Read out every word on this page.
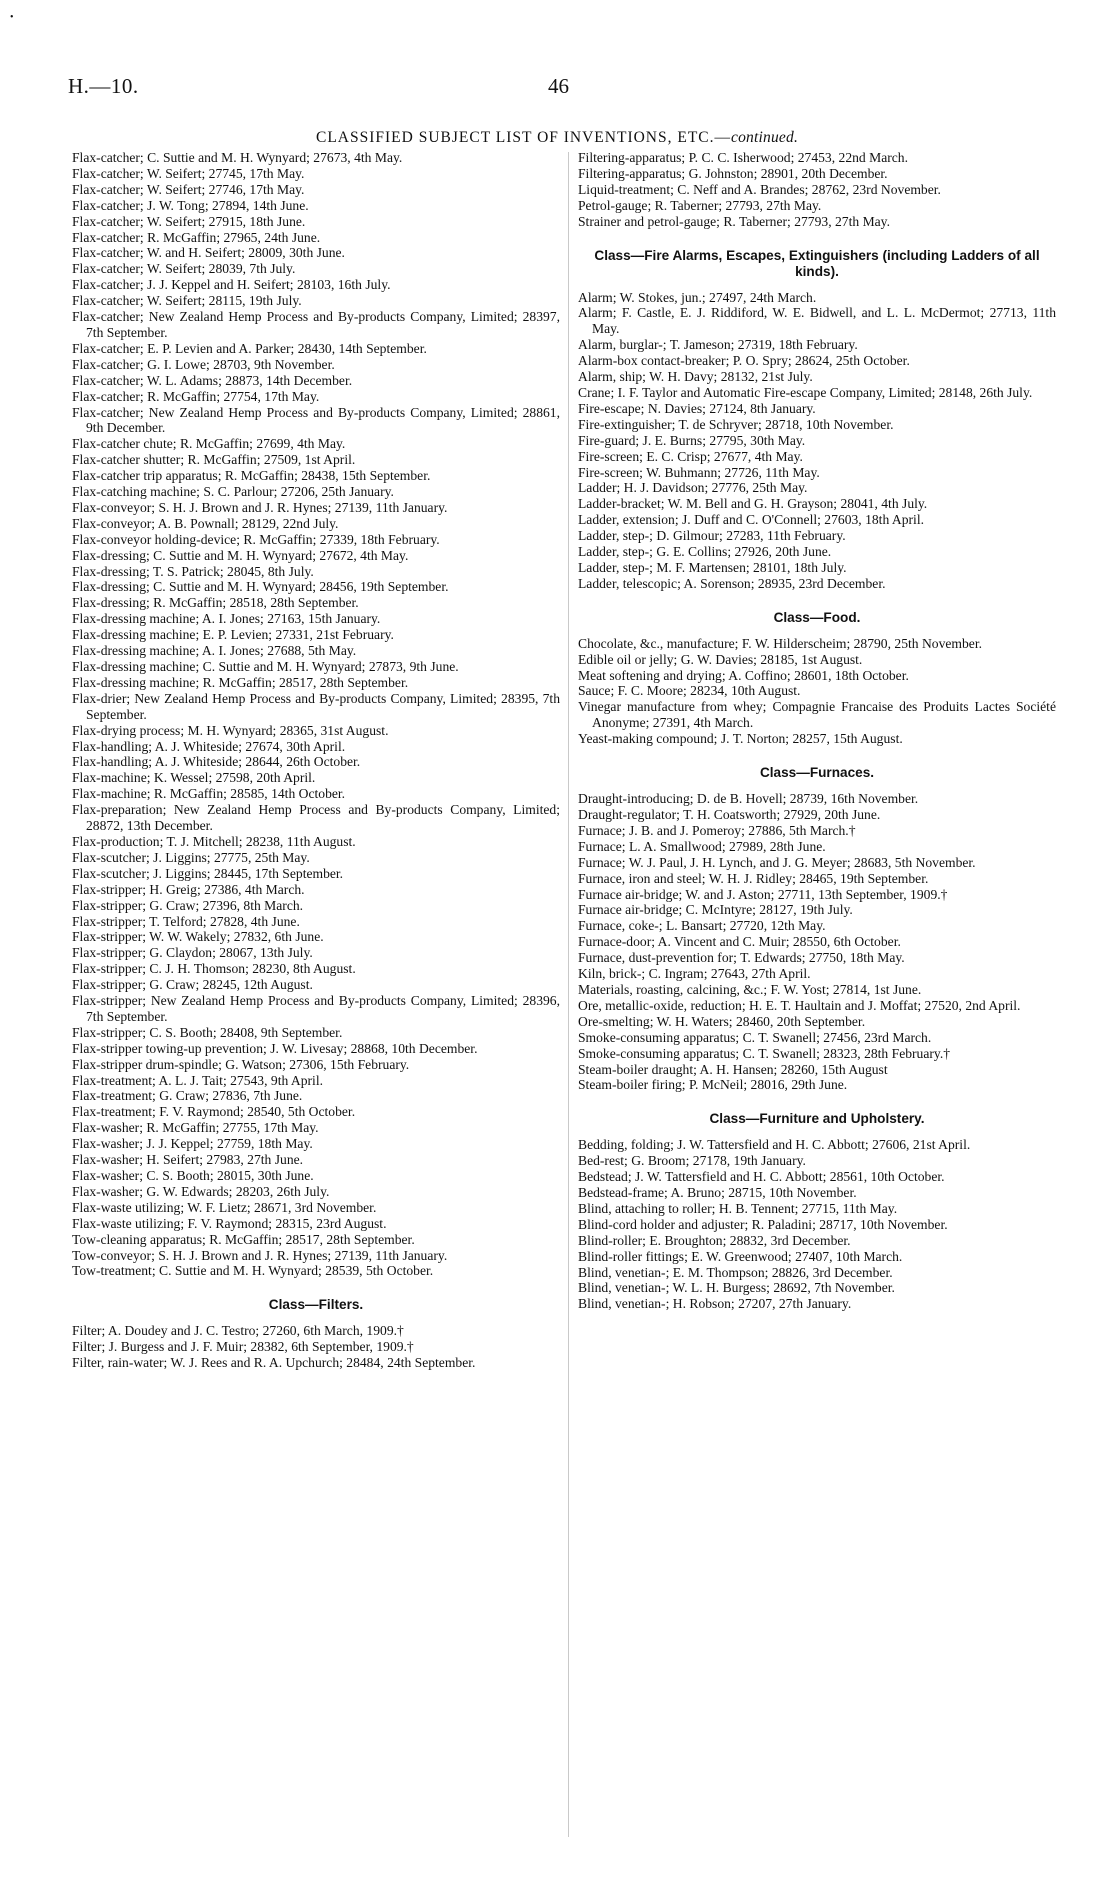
•
H.—10.	46
CLASSIFIED SUBJECT LIST OF INVENTIONS, ETC.—continued.
Flax-catcher; C. Suttie and M. H. Wynyard; 27673, 4th May.
Flax-catcher; W. Seifert; 27745, 17th May.
Flax-catcher; W. Seifert; 27746, 17th May.
Flax-catcher; J. W. Tong; 27894, 14th June.
Flax-catcher; W. Seifert; 27915, 18th June.
Flax-catcher; R. McGaffin; 27965, 24th June.
Flax-catcher; W. and H. Seifert; 28009, 30th June.
Flax-catcher; W. Seifert; 28039, 7th July.
Flax-catcher; J. J. Keppel and H. Seifert; 28103, 16th July.
Flax-catcher; W. Seifert; 28115, 19th July.
Flax-catcher; New Zealand Hemp Process and By-products Company, Limited; 28397, 7th September.
Flax-catcher; E. P. Levien and A. Parker; 28430, 14th September.
Flax-catcher; G. I. Lowe; 28703, 9th November.
Flax-catcher; W. L. Adams; 28873, 14th December.
Flax-catcher; R. McGaffin; 27754, 17th May.
Flax-catcher; New Zealand Hemp Process and By-products Company, Limited; 28861, 9th December.
Flax-catcher chute; R. McGaffin; 27699, 4th May.
Flax-catcher shutter; R. McGaffin; 27509, 1st April.
Flax-catcher trip apparatus; R. McGaffin; 28438, 15th September.
Flax-catching machine; S. C. Parlour; 27206, 25th January.
Flax-conveyor; S. H. J. Brown and J. R. Hynes; 27139, 11th January.
Flax-conveyor; A. B. Pownall; 28129, 22nd July.
Flax-conveyor holding-device; R. McGaffin; 27339, 18th February.
Flax-dressing; C. Suttie and M. H. Wynyard; 27672, 4th May.
Flax-dressing; T. S. Patrick; 28045, 8th July.
Flax-dressing; C. Suttie and M. H. Wynyard; 28456, 19th September.
Flax-dressing; R. McGaffin; 28518, 28th September.
Flax-dressing machine; A. I. Jones; 27163, 15th January.
Flax-dressing machine; E. P. Levien; 27331, 21st February.
Flax-dressing machine; A. I. Jones; 27688, 5th May.
Flax-dressing machine; C. Suttie and M. H. Wynyard; 27873, 9th June.
Flax-dressing machine; R. McGaffin; 28517, 28th September.
Flax-drier; New Zealand Hemp Process and By-products Company, Limited; 28395, 7th September.
Flax-drying process; M. H. Wynyard; 28365, 31st August.
Flax-handling; A. J. Whiteside; 27674, 30th April.
Flax-handling; A. J. Whiteside; 28644, 26th October.
Flax-machine; K. Wessel; 27598, 20th April.
Flax-machine; R. McGaffin; 28585, 14th October.
Flax-preparation; New Zealand Hemp Process and By-products Company, Limited; 28872, 13th December.
Flax-production; T. J. Mitchell; 28238, 11th August.
Flax-scutcher; J. Liggins; 27775, 25th May.
Flax-scutcher; J. Liggins; 28445, 17th September.
Flax-stripper; H. Greig; 27386, 4th March.
Flax-stripper; G. Craw; 27396, 8th March.
Flax-stripper; T. Telford; 27828, 4th June.
Flax-stripper; W. W. Wakely; 27832, 6th June.
Flax-stripper; G. Claydon; 28067, 13th July.
Flax-stripper; C. J. H. Thomson; 28230, 8th August.
Flax-stripper; G. Craw; 28245, 12th August.
Flax-stripper; New Zealand Hemp Process and By-products Company, Limited; 28396, 7th September.
Flax-stripper; C. S. Booth; 28408, 9th September.
Flax-stripper towing-up prevention; J. W. Livesay; 28868, 10th December.
Flax-stripper drum-spindle; G. Watson; 27306, 15th February.
Flax-treatment; A. L. J. Tait; 27543, 9th April.
Flax-treatment; G. Craw; 27836, 7th June.
Flax-treatment; F. V. Raymond; 28540, 5th October.
Flax-washer; R. McGaffin; 27755, 17th May.
Flax-washer; J. J. Keppel; 27759, 18th May.
Flax-washer; H. Seifert; 27983, 27th June.
Flax-washer; C. S. Booth; 28015, 30th June.
Flax-washer; G. W. Edwards; 28203, 26th July.
Flax-waste utilizing; W. F. Lietz; 28671, 3rd November.
Flax-waste utilizing; F. V. Raymond; 28315, 23rd August.
Tow-cleaning apparatus; R. McGaffin; 28517, 28th September.
Tow-conveyor; S. H. J. Brown and J. R. Hynes; 27139, 11th January.
Tow-treatment; C. Suttie and M. H. Wynyard; 28539, 5th October.
Class—Filters.
Filter; A. Doudey and J. C. Testro; 27260, 6th March, 1909.†
Filter; J. Burgess and J. F. Muir; 28382, 6th September, 1909.†
Filter, rain-water; W. J. Rees and R. A. Upchurch; 28484, 24th September.
Filtering-apparatus; P. C. C. Isherwood; 27453, 22nd March.
Filtering-apparatus; G. Johnston; 28901, 20th December.
Liquid-treatment; C. Neff and A. Brandes; 28762, 23rd November.
Petrol-gauge; R. Taberner; 27793, 27th May.
Strainer and petrol-gauge; R. Taberner; 27793, 27th May.
Class—Fire Alarms, Escapes, Extinguishers (including Ladders of all kinds).
Alarm; W. Stokes, jun.; 27497, 24th March.
Alarm; F. Castle, E. J. Riddiford, W. E. Bidwell, and L. L. McDermot; 27713, 11th May.
Alarm, burglar-; T. Jameson; 27319, 18th February.
Alarm-box contact-breaker; P. O. Spry; 28624, 25th October.
Alarm, ship; W. H. Davy; 28132, 21st July.
Crane; I. F. Taylor and Automatic Fire-escape Company, Limited; 28148, 26th July.
Fire-escape; N. Davies; 27124, 8th January.
Fire-extinguisher; T. de Schryver; 28718, 10th November.
Fire-guard; J. E. Burns; 27795, 30th May.
Fire-screen; E. C. Crisp; 27677, 4th May.
Fire-screen; W. Buhmann; 27726, 11th May.
Ladder; H. J. Davidson; 27776, 25th May.
Ladder-bracket; W. M. Bell and G. H. Grayson; 28041, 4th July.
Ladder, extension; J. Duff and C. O'Connell; 27603, 18th April.
Ladder, step-; D. Gilmour; 27283, 11th February.
Ladder, step-; G. E. Collins; 27926, 20th June.
Ladder, step-; M. F. Martensen; 28101, 18th July.
Ladder, telescopic; A. Sorenson; 28935, 23rd December.
Class—Food.
Chocolate, &c., manufacture; F. W. Hilderscheim; 28790, 25th November.
Edible oil or jelly; G. W. Davies; 28185, 1st August.
Meat softening and drying; A. Coffino; 28601, 18th October.
Sauce; F. C. Moore; 28234, 10th August.
Vinegar manufacture from whey; Compagnie Francaise des Produits Lactes Société Anonyme; 27391, 4th March.
Yeast-making compound; J. T. Norton; 28257, 15th August.
Class—Furnaces.
Draught-introducing; D. de B. Hovell; 28739, 16th November.
Draught-regulator; T. H. Coatsworth; 27929, 20th June.
Furnace; J. B. and J. Pomeroy; 27886, 5th March.†
Furnace; L. A. Smallwood; 27989, 28th June.
Furnace; W. J. Paul, J. H. Lynch, and J. G. Meyer; 28683, 5th November.
Furnace, iron and steel; W. H. J. Ridley; 28465, 19th September.
Furnace air-bridge; W. and J. Aston; 27711, 13th September, 1909.†
Furnace air-bridge; C. McIntyre; 28127, 19th July.
Furnace, coke-; L. Bansart; 27720, 12th May.
Furnace-door; A. Vincent and C. Muir; 28550, 6th October.
Furnace, dust-prevention for; T. Edwards; 27750, 18th May.
Kiln, brick-; C. Ingram; 27643, 27th April.
Materials, roasting, calcining, &c.; F. W. Yost; 27814, 1st June.
Ore, metallic-oxide, reduction; H. E. T. Haultain and J. Moffat; 27520, 2nd April.
Ore-smelting; W. H. Waters; 28460, 20th September.
Smoke-consuming apparatus; C. T. Swanell; 27456, 23rd March.
Smoke-consuming apparatus; C. T. Swanell; 28323, 28th February.†
Steam-boiler draught; A. H. Hansen; 28260, 15th August
Steam-boiler firing; P. McNeil; 28016, 29th June.
Class—Furniture and Upholstery.
Bedding, folding; J. W. Tattersfield and H. C. Abbott; 27606, 21st April.
Bed-rest; G. Broom; 27178, 19th January.
Bedstead; J. W. Tattersfield and H. C. Abbott; 28561, 10th October.
Bedstead-frame; A. Bruno; 28715, 10th November.
Blind, attaching to roller; H. B. Tennent; 27715, 11th May.
Blind-cord holder and adjuster; R. Paladini; 28717, 10th November.
Blind-roller; E. Broughton; 28832, 3rd December.
Blind-roller fittings; E. W. Greenwood; 27407, 10th March.
Blind, venetian-; E. M. Thompson; 28826, 3rd December.
Blind, venetian-; W. L. H. Burgess; 28692, 7th November.
Blind, venetian-; H. Robson; 27207, 27th January.
